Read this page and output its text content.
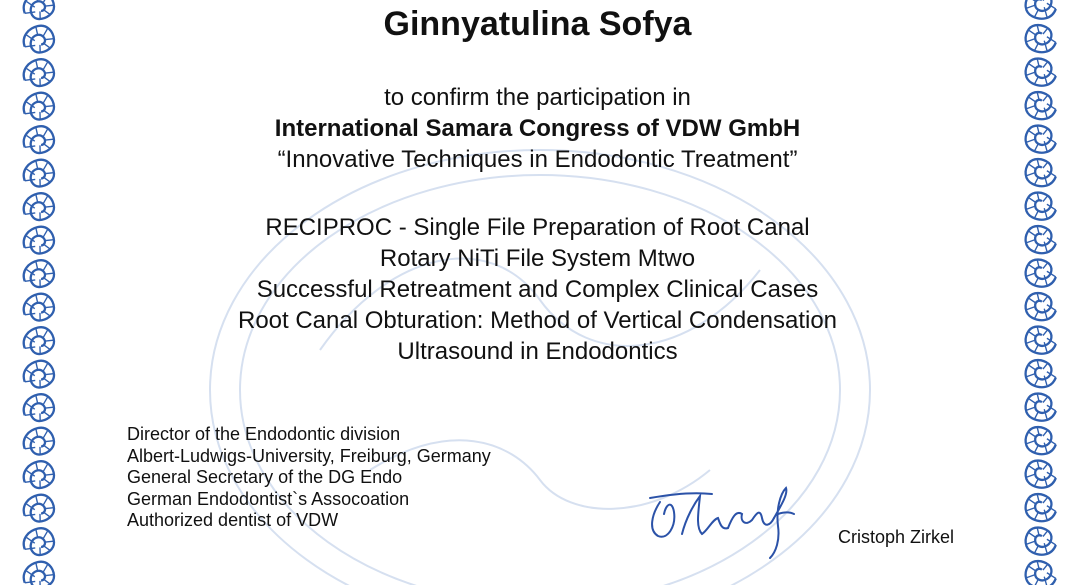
Ginnyatulina Sofya
to confirm the participation in
International Samara Congress of VDW GmbH
“Innovative Techniques in Endodontic Treatment”
RECIPROC - Single File Preparation of Root Canal
Rotary NiTi File System Mtwo
Successful Retreatment and Complex Clinical Cases
Root Canal Obturation: Method of Vertical Condensation
Ultrasound in Endodontics
Director of the Endodontic division
Albert-Ludwigs-University, Freiburg, Germany
General Secretary of the DG Endo
German Endodontist`s Assocoation
Authorized dentist of VDW
Cristoph Zirkel
